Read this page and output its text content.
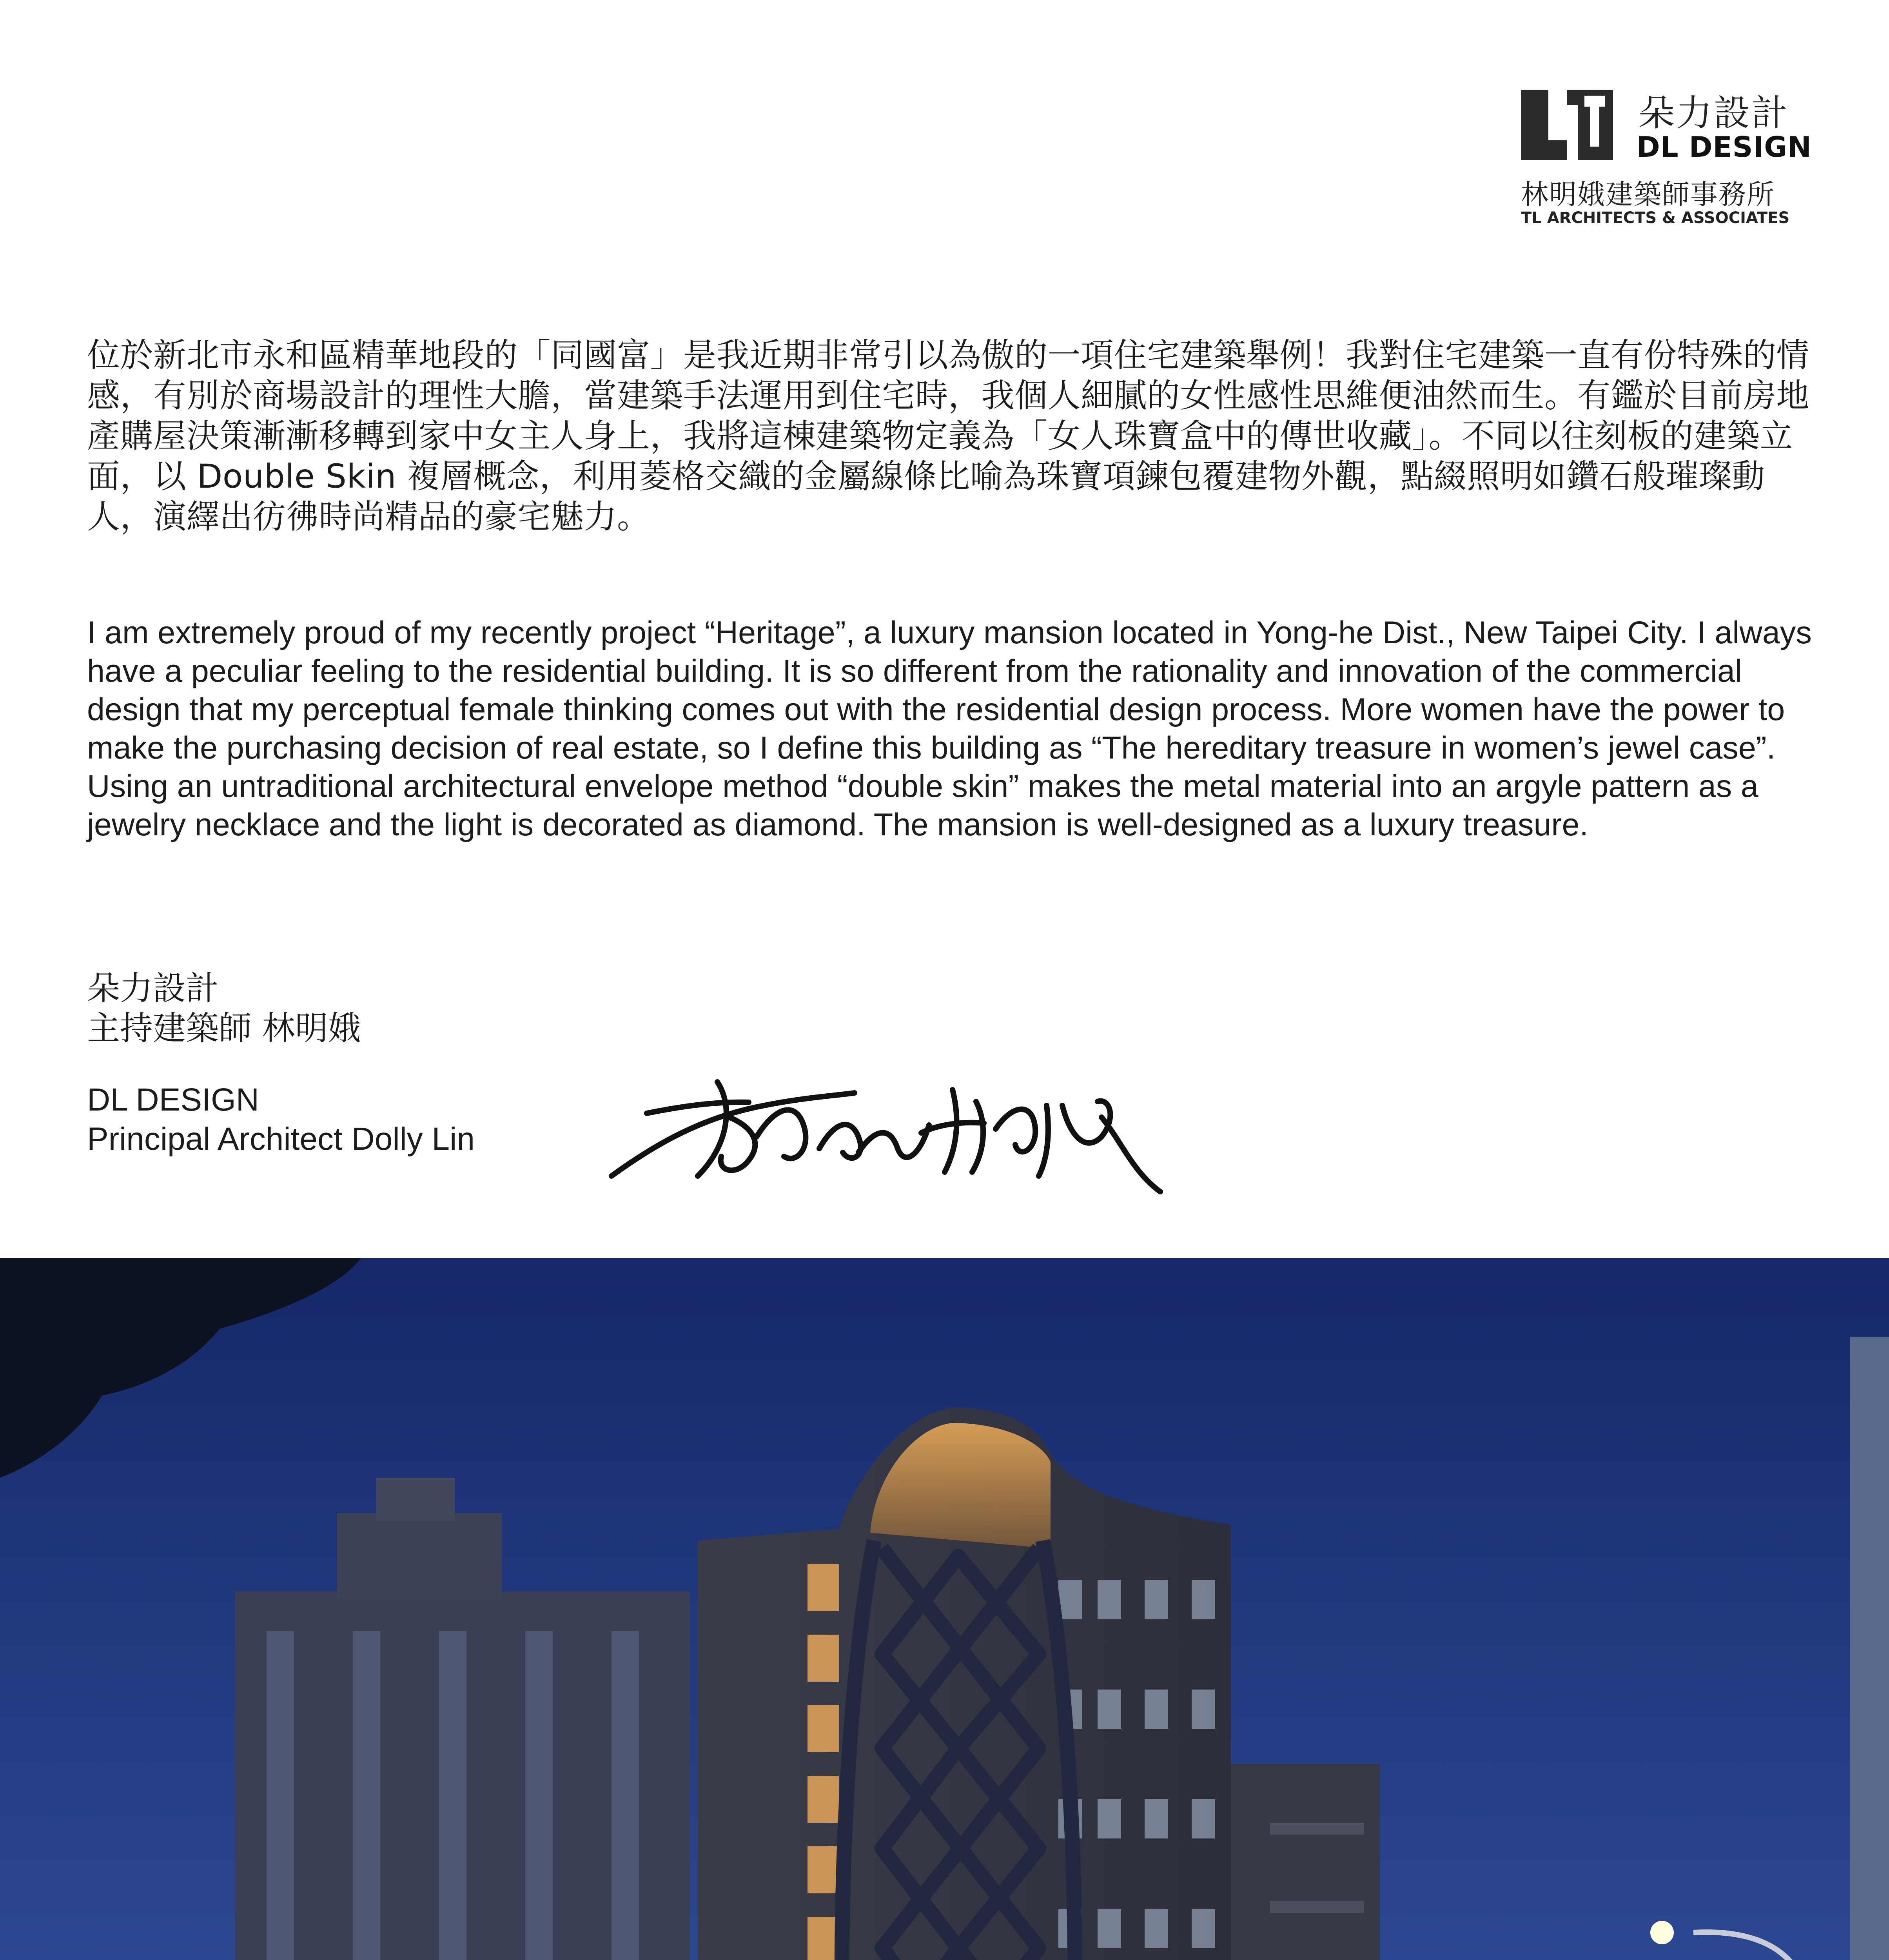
朵力設計
DL DESIGN
林明娥建築師事務所
TL ARCHITECTS & ASSOCIATES

位於新北市永和區精華地段的「同國富」是我近期非常引以為傲的一項住宅建築舉例！我對住宅建築一直有份特殊的情感，有別於商場設計的理性大膽，當建築手法運用到住宅時，我個人細膩的女性感性思維便油然而生。有鑑於目前房地產購屋決策漸漸移轉到家中女主人身上，我將這棟建築物定義為「女人珠寶盒中的傳世收藏」。不同以往刻板的建築立面，以 Double Skin 複層概念，利用菱格交織的金屬線條比喻為珠寶項鍊包覆建物外觀，點綴照明如鑽石般璀璨動人，演繹出彷彿時尚精品的豪宅魅力。

I am extremely proud of my recently project “Heritage”, a luxury mansion located in Yong-he Dist., New Taipei City. I always have a peculiar feeling to the residential building. It is so different from the rationality and innovation of the commercial design that my perceptual female thinking comes out with the residential design process. More women have the power to make the purchasing decision of real estate, so I define this building as “The hereditary treasure in women’s jewel case”. Using an untraditional architectural envelope method “double skin” makes the metal material into an argyle pattern as a jewelry necklace and the light is decorated as diamond. The mansion is well-designed as a luxury treasure.

朵力設計
主持建築師 林明娥
DL DESIGN
Principal Architect Dolly Lin
